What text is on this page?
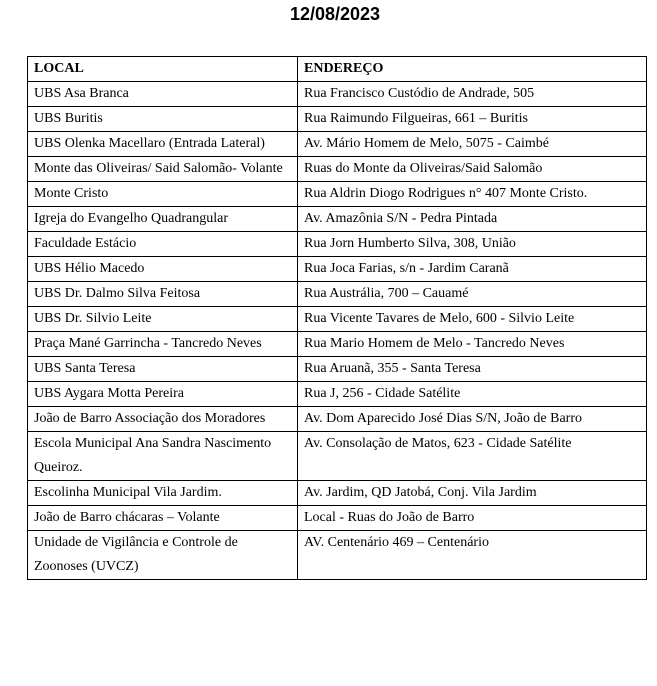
12/08/2023
LOCAL	ENDEREÇO
UBS Asa Branca	Rua Francisco Custódio de Andrade, 505
UBS Buritis	Rua Raimundo Filgueiras, 661 – Buritis
UBS Olenka Macellaro (Entrada Lateral)	Av. Mário Homem de Melo, 5075 - Caimbé
Monte das Oliveiras/ Said Salomão- Volante	Ruas do Monte da Oliveiras/Said Salomão
Monte Cristo	Rua Aldrin Diogo Rodrigues n° 407 Monte Cristo.
Igreja do Evangelho Quadrangular	Av. Amazônia S/N - Pedra Pintada
Faculdade Estácio	Rua Jorn Humberto Silva, 308, União
UBS Hélio Macedo	Rua Joca Farias, s/n - Jardim Caranã
UBS Dr. Dalmo Silva Feitosa	Rua Austrália, 700 – Cauamé
UBS Dr. Silvio Leite	Rua Vicente Tavares de Melo, 600 - Silvio Leite
Praça Mané Garrincha - Tancredo Neves	Rua Mario Homem de Melo - Tancredo Neves
UBS Santa Teresa	Rua Aruanã, 355 - Santa Teresa
UBS Aygara Motta Pereira	Rua J, 256 - Cidade Satélite
João de Barro Associação dos Moradores	Av. Dom Aparecido José Dias S/N, João de Barro
Escola Municipal Ana Sandra Nascimento Queiroz.	Av. Consolação de Matos, 623 - Cidade Satélite
Escolinha Municipal Vila Jardim.	Av. Jardim, QD Jatobá, Conj. Vila Jardim
João de Barro chácaras – Volante	Local - Ruas do João de Barro
Unidade de Vigilância e Controle de Zoonoses (UVCZ)	AV. Centenário 469 – Centenário
